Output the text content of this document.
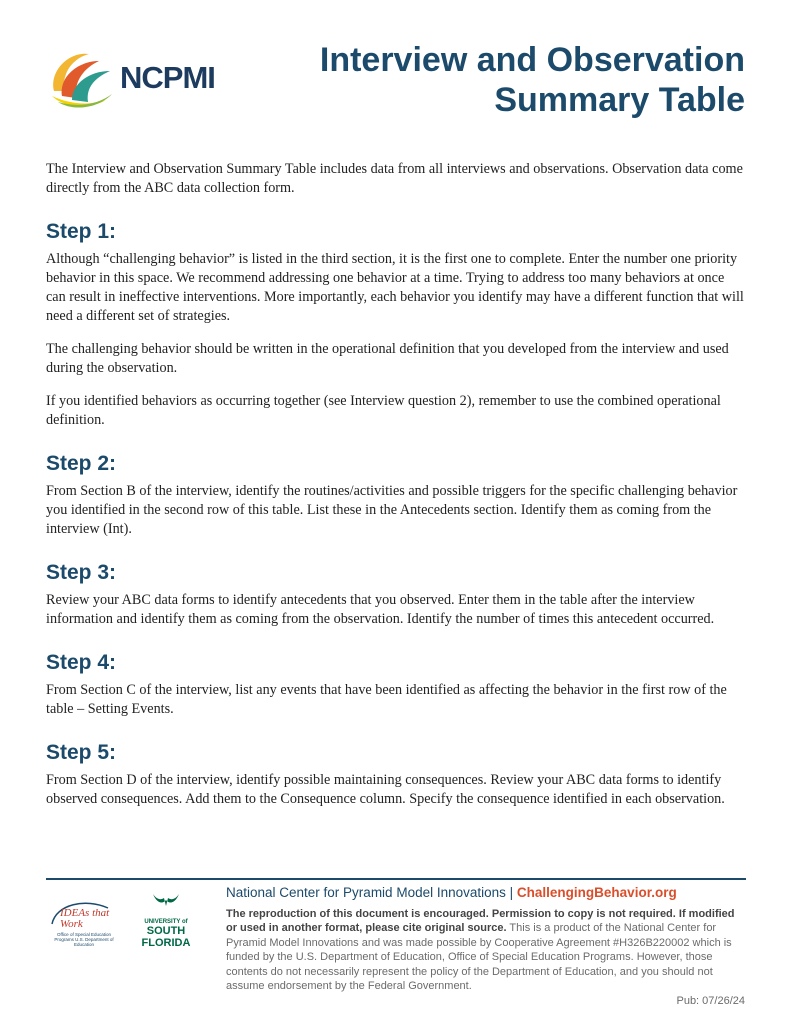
NCPMI	Interview and Observation
Summary Table

The Interview and Observation Summary Table includes data from all interviews and observations. Observation data come directly from the ABC data collection form.

Step 1:

Although “challenging behavior” is listed in the third section, it is the first one to complete. Enter the number one priority behavior in this space. We recommend addressing one behavior at a time. Trying to address too many behaviors at once can result in ineffective interventions. More importantly, each behavior you identify may have a different function that will need a different set of strategies.

The challenging behavior should be written in the operational definition that you developed from the interview and used during the observation.

If you identified behaviors as occurring together (see Interview question 2), remember to use the combined operational definition.

Step 2:

From Section B of the interview, identify the routines/activities and possible triggers for the specific challenging behavior you identified in the second row of this table. List these in the Antecedents section. Identify them as coming from the interview (Int).

Step 3:

Review your ABC data forms to identify antecedents that you observed. Enter them in the table after the interview information and identify them as coming from the observation. Identify the number of times this antecedent occurred.

Step 4:

From Section C of the interview, list any events that have been identified as affecting the behavior in the first row of the table – Setting Events.

Step 5:

From Section D of the interview, identify possible maintaining consequences. Review your ABC data forms to identify observed consequences. Add them to the Consequence column. Specify the consequence identified in each observation.

IDEAs that Work
Office of Special Education Programs U.S. Department of Education
UNIVERSITY of
SOUTH
FLORIDA
National Center for Pyramid Model Innovations | ChallengingBehavior.org
The reproduction of this document is encouraged. Permission to copy is not required. If modified or used in another format, please cite original source. This is a product of the National Center for Pyramid Model Innovations and was made possible by Cooperative Agreement #H326B220002 which is funded by the U.S. Department of Education, Office of Special Education Programs. However, those contents do not necessarily represent the policy of the Department of Education, and you should not assume endorsement by the Federal Government.
Pub: 07/26/24
